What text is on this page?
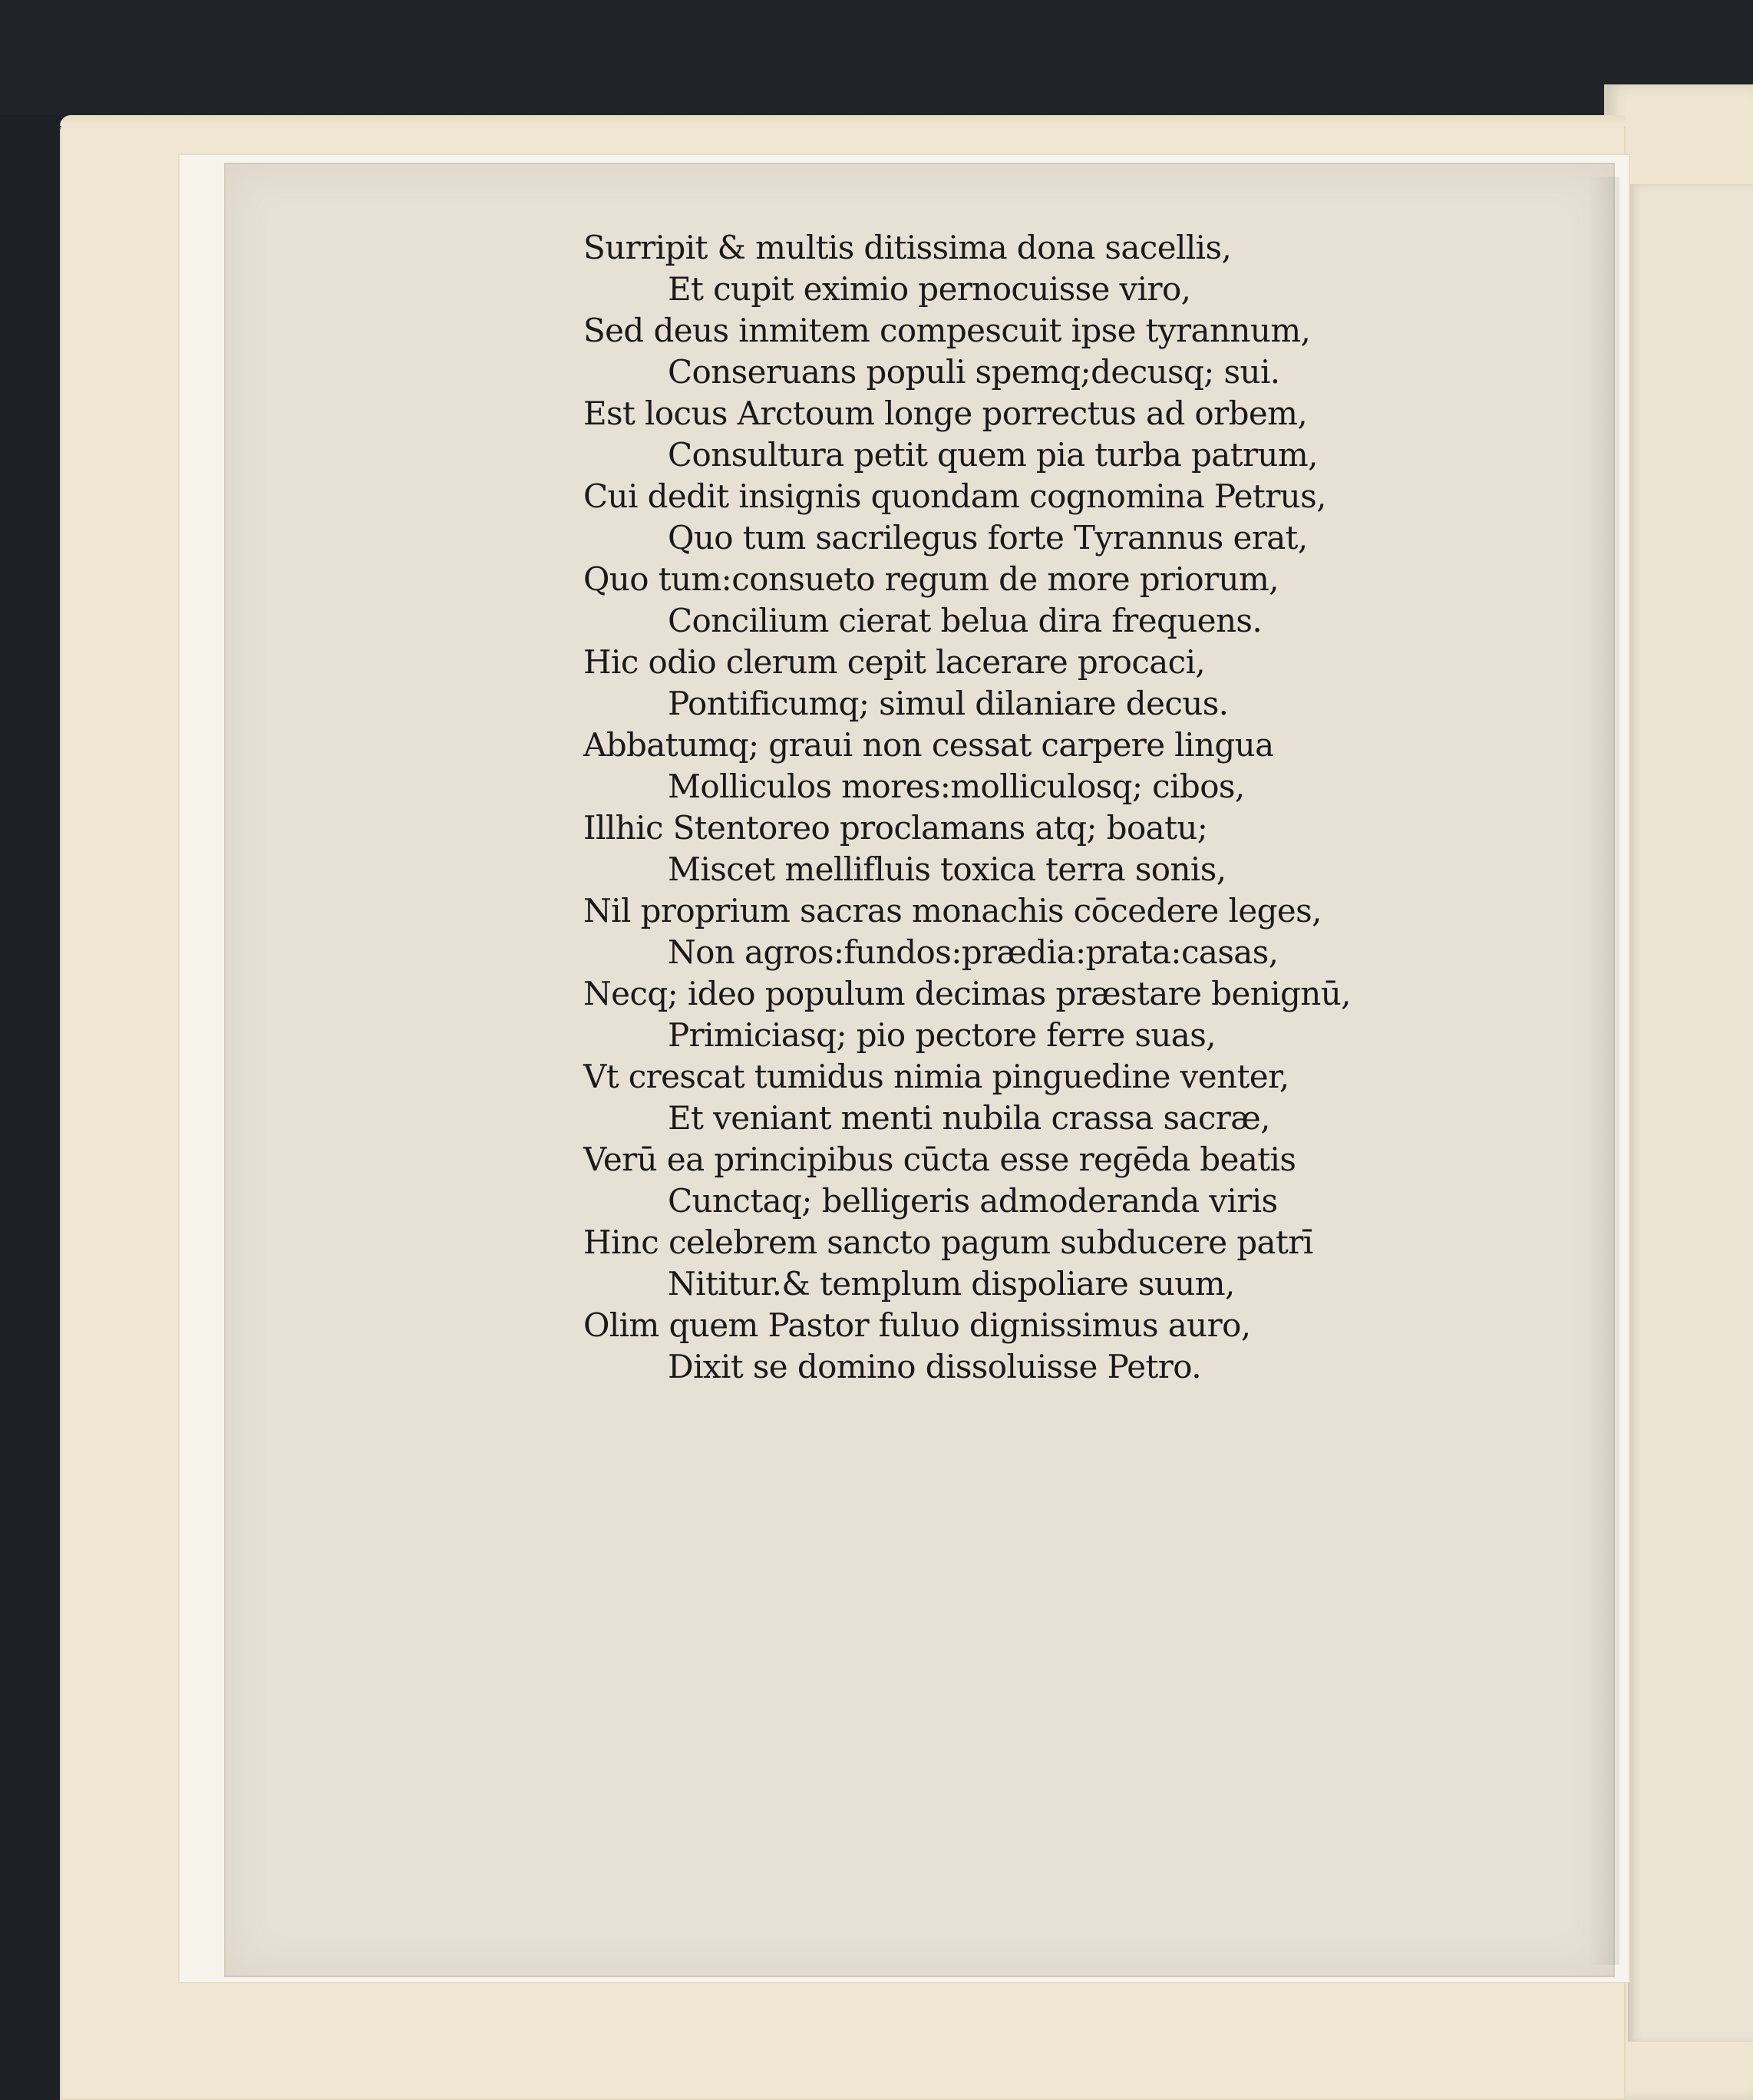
Surripit & multis ditissima dona sacellis,
Et cupit eximio pernocuisse viro,
Sed deus inmitem compescuit ipse tyrannum,
Conseruans populi spemq;decusq; sui.
Est locus Arctoum longe porrectus ad orbem,
Consultura petit quem pia turba patrum,
Cui dedit insignis quondam cognomina Petrus,
Quo tum sacrilegus forte Tyrannus erat,
Quo tum:consueto regum de more priorum,
Concilium cierat belua dira frequens.
Hic odio clerum cepit lacerare procaci,
Pontificumq; simul dilaniare decus.
Abbatumq; graui non cessat carpere lingua
Molliculos mores:molliculosq; cibos,
Illhic Stentoreo proclamans atq; boatu;
Miscet mellifluis toxica terra sonis,
Nil proprium sacras monachis cōcedere leges,
Non agros:fundos:prædia:prata:casas,
Necq; ideo populum decimas præstare benignū,
Primiciasq; pio pectore ferre suas,
Vt crescat tumidus nimia pinguedine venter,
Et veniant menti nubila crassa sacræ,
Verū ea principibus cūcta esse regēda beatis
Cunctaq; belligeris admoderanda viris
Hinc celebrem sancto pagum subducere patrī
Nititur.& templum dispoliare suum,
Olim quem Pastor fuluo dignissimus auro,
Dixit se domino dissoluisse Petro.
